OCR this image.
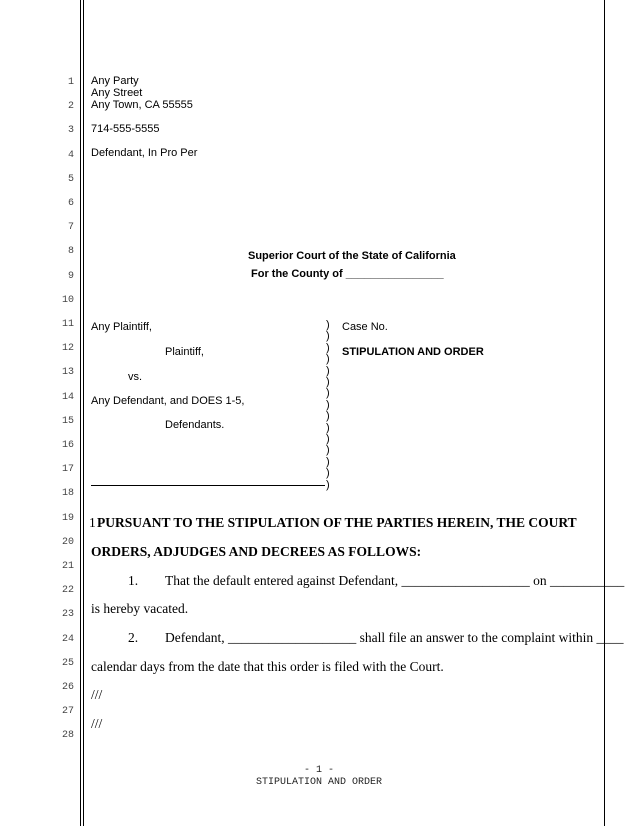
1
2
3
4
5
6
7
8
9
10
11
12
13
14
15
16
17
18
19
20
21
22
23
24
25
26
27
28
Any Party
Any Street
Any Town, CA 55555
714-555-5555
Defendant, In Pro Per
Superior Court of the State of California
For the County of ________________
Any Plaintiff,
Plaintiff,
vs.
Any Defendant, and DOES 1-5,
Defendants.
)
)
)
)
)
)
)
)
)
)
)
)
)
)
)
Case No.
STIPULATION AND ORDER
1 PURSUANT TO THE STIPULATION OF THE PARTIES HEREIN, THE COURT
ORDERS, ADJUDGES AND DECREES AS FOLLOWS:
1. That the default entered against Defendant, ___________________ on ___________
is hereby vacated.
2. Defendant, ___________________ shall file an answer to the complaint within ____
calendar days from the date that this order is filed with the Court.
///
///
- 1 -
STIPULATION AND ORDER
